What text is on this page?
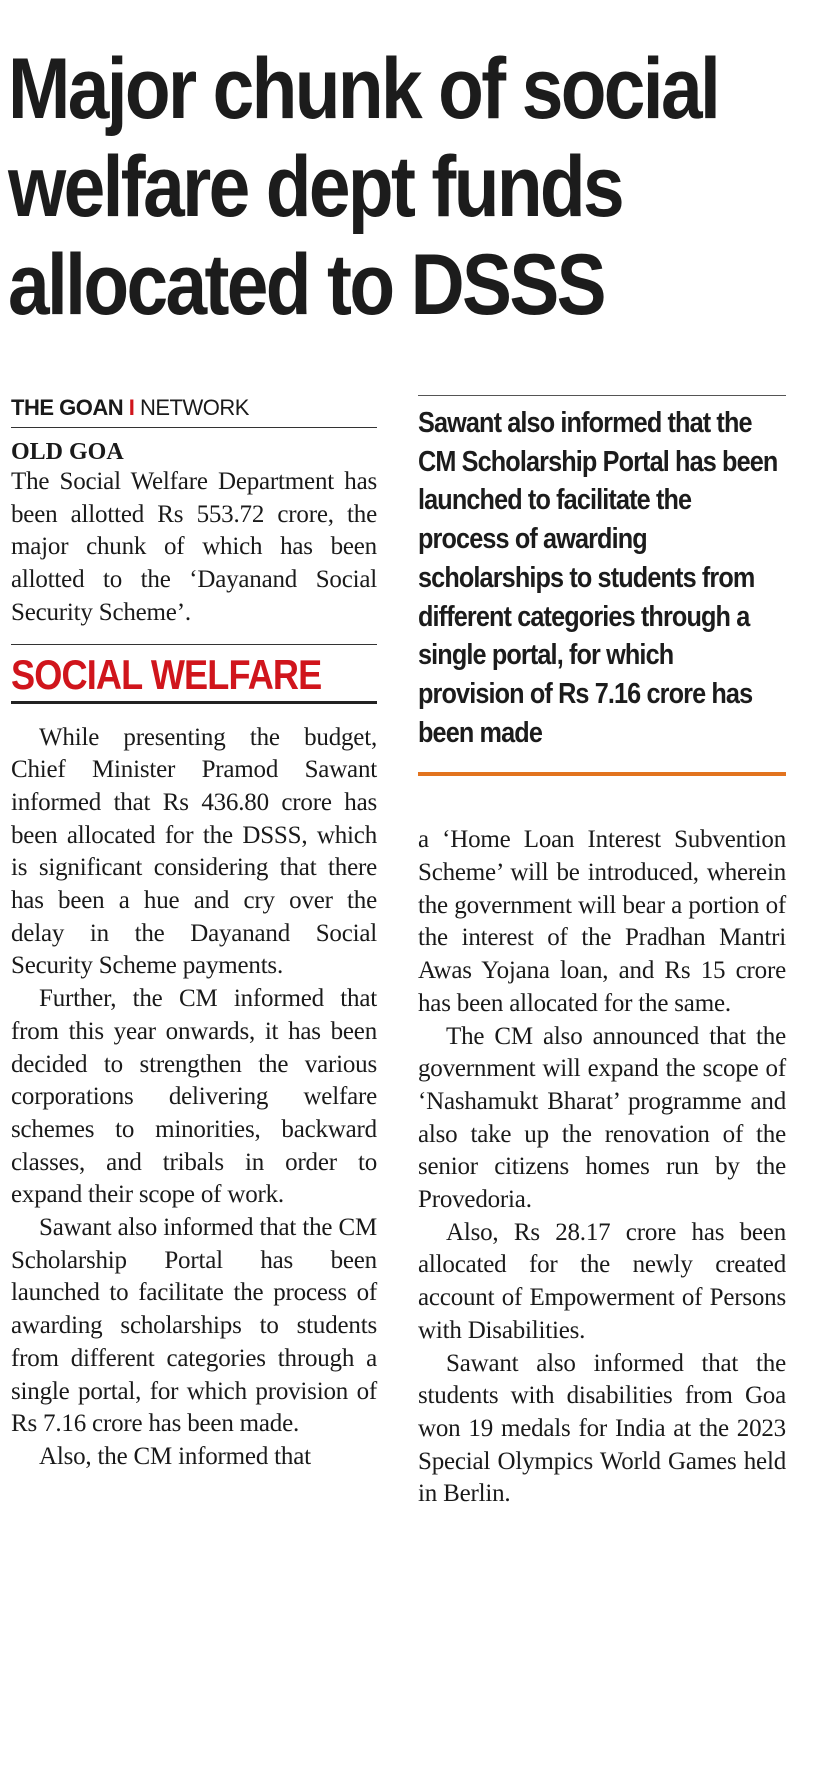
Major chunk of social
welfare dept funds
allocated to DSSS
THE GOAN I NETWORK
OLD GOA

The Social Welfare Department has been allotted Rs 553.72 crore, the major chunk of which has been allotted to the ‘Dayanand Social Security Scheme’.

SOCIAL WELFARE

While presenting the budget, Chief Minister Pramod Sawant informed that Rs 436.80 crore has been allocated for the DSSS, which is significant considering that there has been a hue and cry over the delay in the Dayanand Social Security Scheme payments.

Further, the CM informed that from this year onwards, it has been decided to strengthen the various corporations delivering welfare schemes to minorities, backward classes, and tribals in order to expand their scope of work.

Sawant also informed that the CM Scholarship Portal has been launched to facilitate the process of awarding scholarships to students from different categories through a single portal, for which provision of Rs 7.16 crore has been made.

Also, the CM informed that

Sawant also informed that the CM Scholarship Portal has been launched to facilitate the process of awarding scholarships to students from different categories through a single portal, for which provision of Rs 7.16 crore has been made

a ‘Home Loan Interest Subvention Scheme’ will be introduced, wherein the government will bear a portion of the interest of the Pradhan Mantri Awas Yojana loan, and Rs 15 crore has been allocated for the same.

The CM also announced that the government will expand the scope of ‘Nashamukt Bharat’ programme and also take up the renovation of the senior citizens homes run by the Provedoria.

Also, Rs 28.17 crore has been allocated for the newly created account of Empowerment of Persons with Disabilities.

Sawant also informed that the students with disabilities from Goa won 19 medals for India at the 2023 Special Olympics World Games held in Berlin.
